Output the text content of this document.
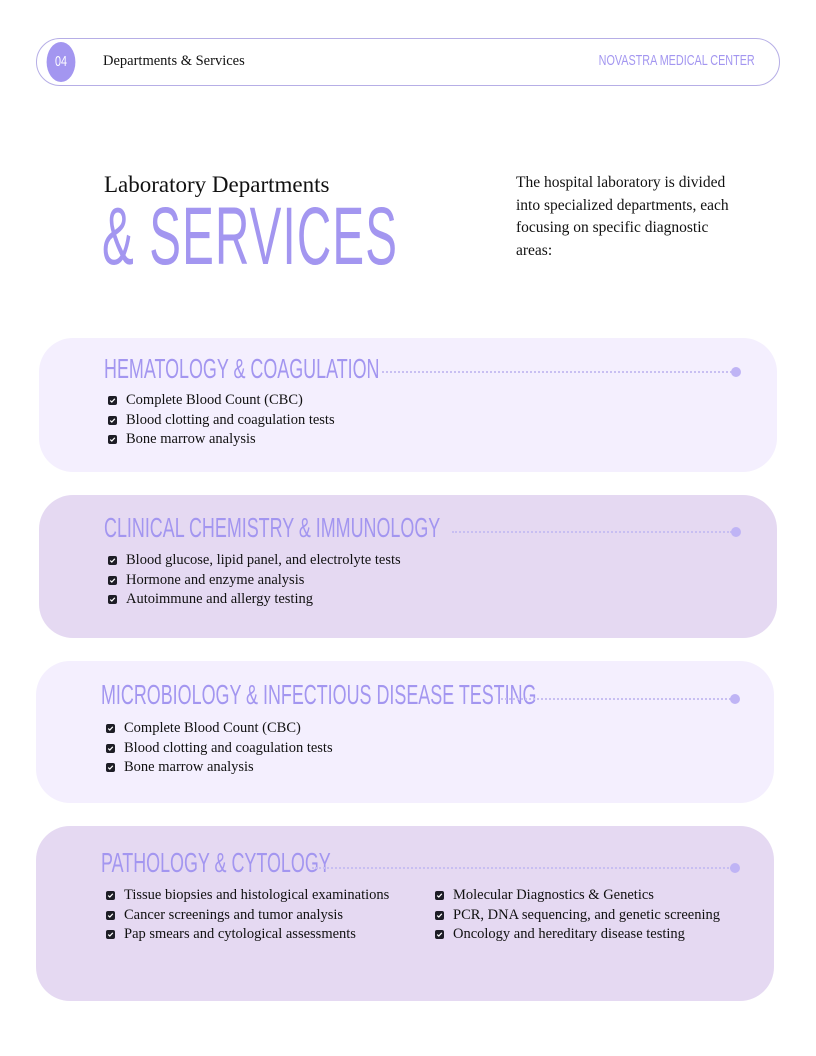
04	Departments & Services	NOVASTRA MEDICAL CENTER
Laboratory Departments
& SERVICES
The hospital laboratory is divided into specialized departments, each focusing on specific diagnostic areas:
HEMATOLOGY & COAGULATION
Complete Blood Count (CBC)
Blood clotting and coagulation tests
Bone marrow analysis
CLINICAL CHEMISTRY & IMMUNOLOGY
Blood glucose, lipid panel, and electrolyte tests
Hormone and enzyme analysis
Autoimmune and allergy testing
MICROBIOLOGY & INFECTIOUS DISEASE TESTING
Complete Blood Count (CBC)
Blood clotting and coagulation tests
Bone marrow analysis
PATHOLOGY & CYTOLOGY
Tissue biopsies and histological examinations
Cancer screenings and tumor analysis
Pap smears and cytological assessments
Molecular Diagnostics & Genetics
PCR, DNA sequencing, and genetic screening
Oncology and hereditary disease testing
